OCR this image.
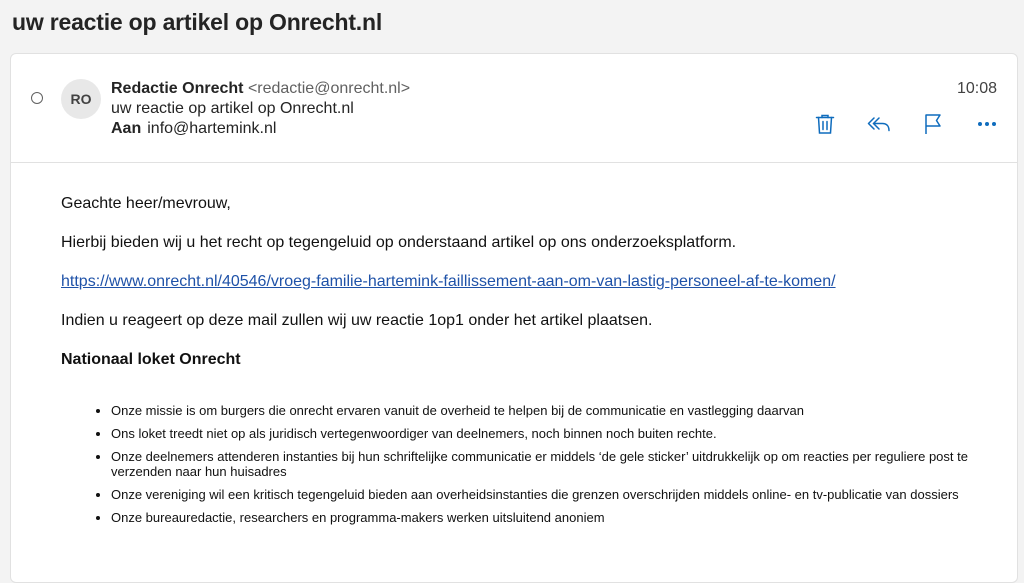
uw reactie op artikel op Onrecht.nl
RO
Redactie Onrecht <redactie@onrecht.nl>
uw reactie op artikel op Onrecht.nl
Aan info@hartemink.nl
10:08

Geachte heer/mevrouw,

Hierbij bieden wij u het recht op tegengeluid op onderstaand artikel op ons onderzoeksplatform.

https://www.onrecht.nl/40546/vroeg-familie-hartemink-faillissement-aan-om-van-lastig-personeel-af-te-komen/

Indien u reageert op deze mail zullen wij uw reactie 1op1 onder het artikel plaatsen.

Nationaal loket Onrecht

• Onze missie is om burgers die onrecht ervaren vanuit de overheid te helpen bij de communicatie en vastlegging daarvan
• Ons loket treedt niet op als juridisch vertegenwoordiger van deelnemers, noch binnen noch buiten rechte.
• Onze deelnemers attenderen instanties bij hun schriftelijke communicatie er middels ‘de gele sticker’ uitdrukkelijk op om reacties per reguliere post te verzenden naar hun huisadres
• Onze vereniging wil een kritisch tegengeluid bieden aan overheidsinstanties die grenzen overschrijden middels online- en tv-publicatie van dossiers
• Onze bureauredactie, researchers en programma-makers werken uitsluitend anoniem
